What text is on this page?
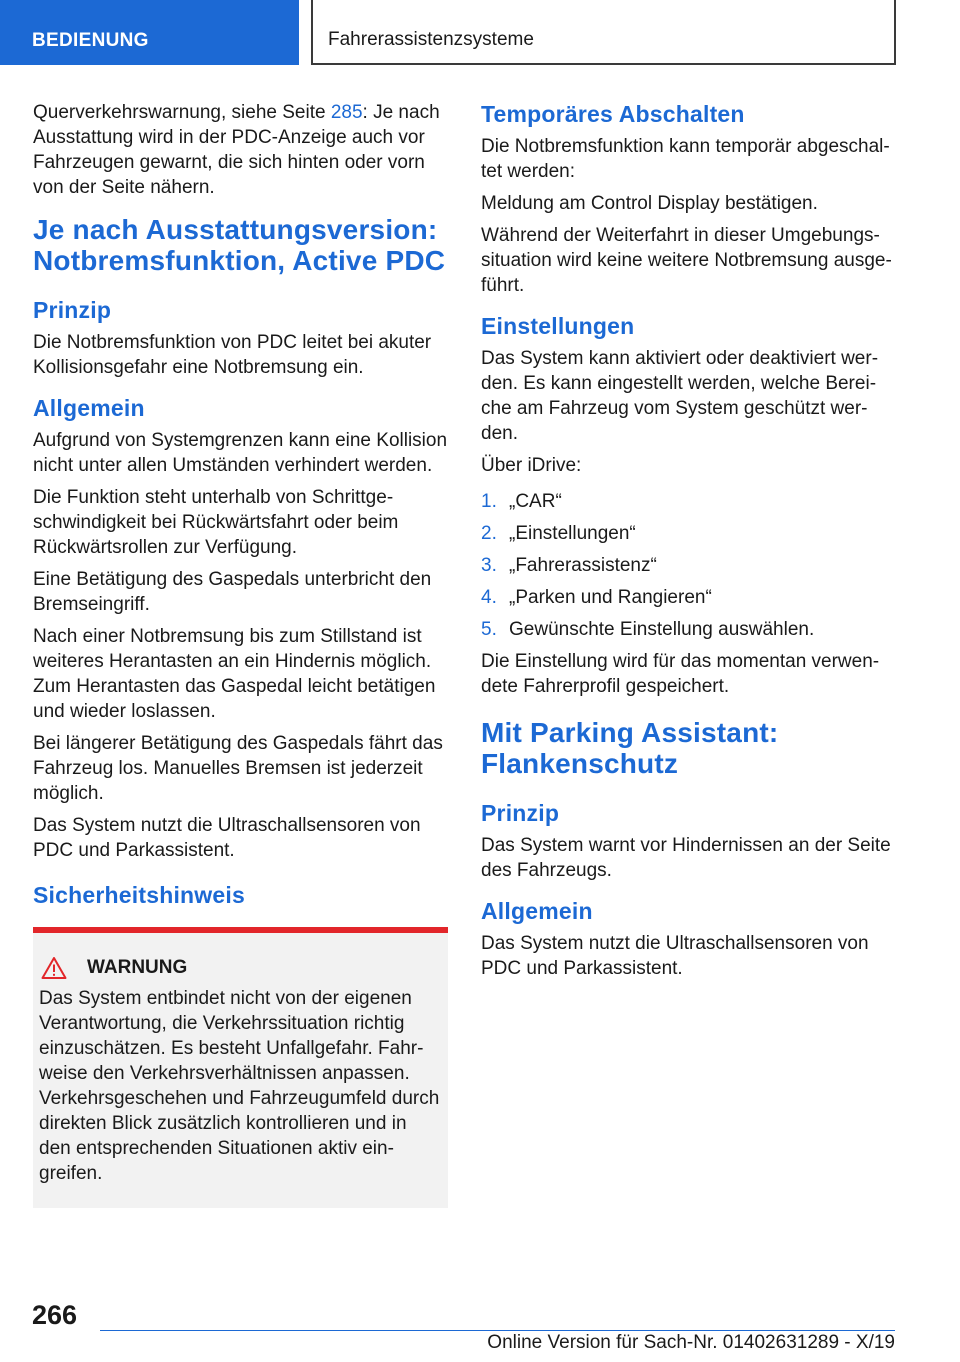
BEDIENUNG	Fahrerassistenzsysteme

Querverkehrswarnung, siehe Seite 285: Je nach Ausstattung wird in der PDC-Anzeige auch vor Fahrzeugen gewarnt, die sich hinten oder vorn von der Seite nähern.

Je nach Ausstattungsversion: Notbremsfunktion, Active PDC
Prinzip

Die Notbremsfunktion von PDC leitet bei akuter Kollisionsgefahr eine Notbremsung ein.

Allgemein

Aufgrund von Systemgrenzen kann eine Kollision nicht unter allen Umständen verhindert werden.

Die Funktion steht unterhalb von Schrittgeschwindigkeit bei Rückwärtsfahrt oder beim Rückwärtsrollen zur Verfügung.

Eine Betätigung des Gaspedals unterbricht den Bremseingriff.

Nach einer Notbremsung bis zum Stillstand ist weiteres Herantasten an ein Hindernis möglich. Zum Herantasten das Gaspedal leicht betätigen und wieder loslassen.

Bei längerer Betätigung des Gaspedals fährt das Fahrzeug los. Manuelles Bremsen ist jederzeit möglich.

Das System nutzt die Ultraschallsensoren von PDC und Parkassistent.

Sicherheitshinweis
WARNUNG

Das System entbindet nicht von der eigenen Verantwortung, die Verkehrssituation richtig einzuschätzen. Es besteht Unfallgefahr. Fahrweise den Verkehrsverhältnissen anpassen. Verkehrsgeschehen und Fahrzeugumfeld durch direkten Blick zusätzlich kontrollieren und in den entsprechenden Situationen aktiv eingreifen.

Temporäres Abschalten

Die Notbremsfunktion kann temporär abgeschaltet werden:

Meldung am Control Display bestätigen.

Während der Weiterfahrt in dieser Umgebungssituation wird keine weitere Notbremsung ausgeführt.

Einstellungen

Das System kann aktiviert oder deaktiviert werden. Es kann eingestellt werden, welche Bereiche am Fahrzeug vom System geschützt werden.

Über iDrive:

1. „CAR“
2. „Einstellungen“
3. „Fahrerassistenz“
4. „Parken und Rangieren“
5. Gewünschte Einstellung auswählen.

Die Einstellung wird für das momentan verwendete Fahrerprofil gespeichert.

Mit Parking Assistant: Flankenschutz
Prinzip

Das System warnt vor Hindernissen an der Seite des Fahrzeugs.

Allgemein

Das System nutzt die Ultraschallsensoren von PDC und Parkassistent.

266
Online Version für Sach-Nr. 01402631289 - X/19
